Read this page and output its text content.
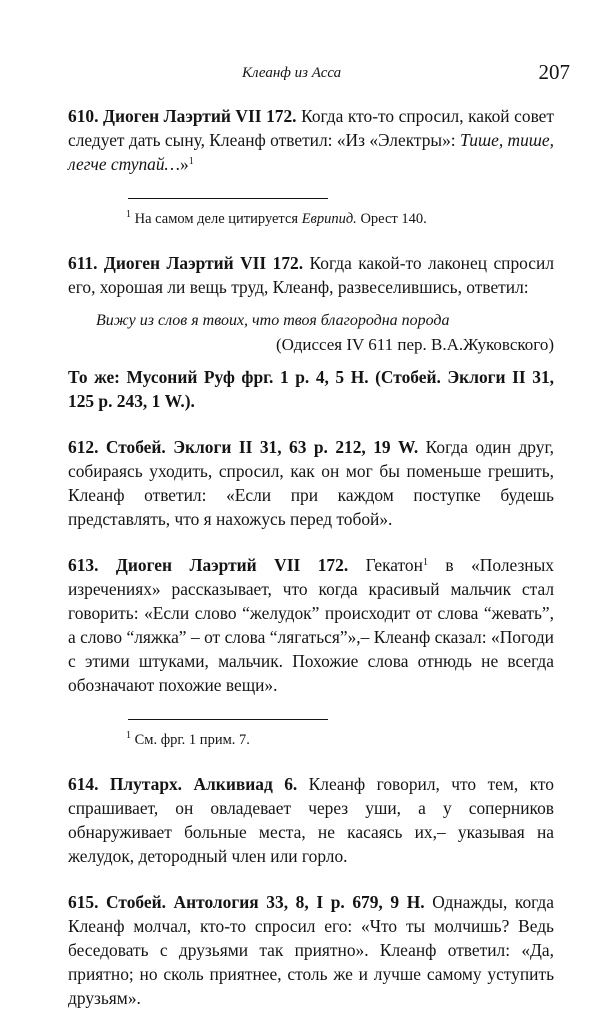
Клеанф из Асса	207

610. Диоген Лаэртий VII 172. Когда кто-то спросил, какой совет следует дать сыну, Клеанф ответил: «Из «Электры»: Тише, тише, легче ступай…»$^1$

$^1$ На самом деле цитируется Еврипид. Орест 140.

611. Диоген Лаэртий VII 172. Когда какой-то лаконец спросил его, хорошая ли вещь труд, Клеанф, развеселившись, ответил:

Вижу из слов я твоих, что твоя благородна порода

(Одиссея IV 611 пер. В.А.Жуковского)

То же: Мусоний Руф фрг. 1 р. 4, 5 Н. (Стобей. Эклоги II 31, 125 р. 243, 1 W.).

612. Стобей. Эклоги II 31, 63 р. 212, 19 W. Когда один друг, собираясь уходить, спросил, как он мог бы поменьше грешить, Клеанф ответил: «Если при каждом поступке будешь представлять, что я нахожусь перед тобой».

613. Диоген Лаэртий VII 172. Гекатон$^1$ в «Полезных изречениях» рассказывает, что когда красивый мальчик стал говорить: «Если слово “желудок” происходит от слова “жевать”, а слово “ляжка” – от слова “лягаться”»,– Клеанф сказал: «Погоди с этими штуками, мальчик. Похожие слова отнюдь не всегда обозначают похожие вещи».

$^1$ См. фрг. 1 прим. 7.

614. Плутарх. Алкивиад 6. Клеанф говорил, что тем, кто спрашивает, он овладевает через уши, а у соперников обнаруживает больные места, не касаясь их,– указывая на желудок, детородный член или горло.

615. Стобей. Антология 33, 8, I р. 679, 9 Н. Однажды, когда Клеанф молчал, кто-то спросил его: «Что ты молчишь? Ведь беседовать с друзьями так приятно». Клеанф ответил: «Да, приятно; но сколь приятнее, столь же и лучше самому уступить друзьям».
